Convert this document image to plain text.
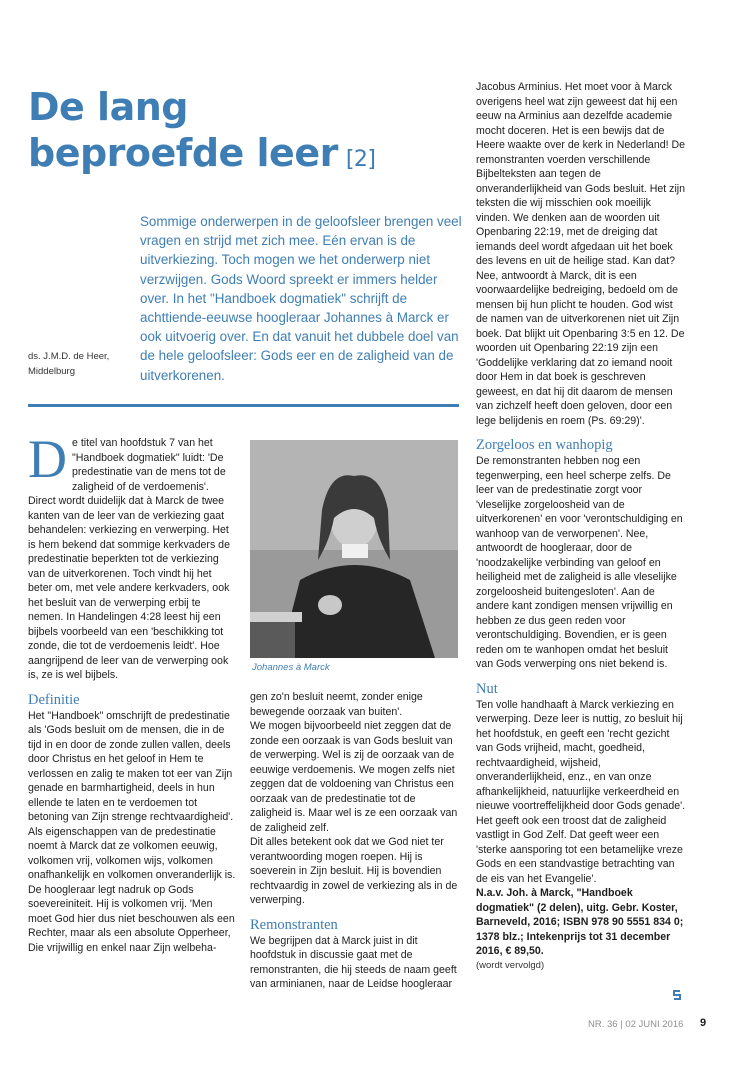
De lang
beproefde leer [2]
Sommige onderwerpen in de geloofsleer brengen veel vragen en strijd met zich mee. Eén ervan is de uitverkiezing. Toch mogen we het onderwerp niet verzwijgen. Gods Woord spreekt er immers helder over. In het "Handboek dogmatiek" schrijft de achttiende-eeuwse hoogleraar Johannes à Marck er ook uitvoerig over. En dat vanuit het dubbele doel van de hele geloofsleer: Gods eer en de zaligheid van de uitverkorenen.
ds. J.M.D. de Heer,
Middelburg
D e titel van hoofdstuk 7 van het "Handboek dogmatiek" luidt: 'De predestinatie van de mens tot de zaligheid of de verdoemenis'. Direct wordt duidelijk dat à Marck de twee kanten van de leer van de verkiezing gaat behandelen: verkiezing en verwerping. Het is hem bekend dat sommige kerkvaders de predestinatie beperkten tot de verkiezing van de uitverkorenen. Toch vindt hij het beter om, met vele andere kerkvaders, ook het besluit van de verwerping erbij te nemen. In Handelingen 4:28 leest hij een bijbels voorbeeld van een 'beschikking tot zonde, die tot de verdoemenis leidt'. Hoe aangrijpend de leer van de verwerping ook is, ze is wel bijbels.

Definitie

Het "Handboek" omschrijft de predestinatie als 'Gods besluit om de mensen, die in de tijd in en door de zonde zullen vallen, deels door Christus en het geloof in Hem te verlossen en zalig te maken tot eer van Zijn genade en barmhartigheid, deels in hun ellende te laten en te verdoemen tot betoning van Zijn strenge rechtvaardigheid'.

Als eigenschappen van de predestinatie noemt à Marck dat ze volkomen eeuwig, volkomen vrij, volkomen wijs, volkomen onafhankelijk en volkomen onveranderlijk is.

De hoogleraar legt nadruk op Gods soevereiniteit. Hij is volkomen vrij. 'Men moet God hier dus niet beschouwen als een Rechter, maar als een absolute Opperheer, Die vrijwillig en enkel naar Zijn welbeha-

Johannes à Marck

gen zo'n besluit neemt, zonder enige bewegende oorzaak van buiten'.

We mogen bijvoorbeeld niet zeggen dat de zonde een oorzaak is van Gods besluit van de verwerping. Wel is zij de oorzaak van de eeuwige verdoemenis. We mogen zelfs niet zeggen dat de voldoening van Christus een oorzaak van de predestinatie tot de zaligheid is. Maar wel is ze een oorzaak van de zaligheid zelf.

Dit alles betekent ook dat we God niet ter verantwoording mogen roepen. Hij is soeverein in Zijn besluit. Hij is bovendien rechtvaardig in zowel de verkiezing als in de verwerping.

Remonstranten

We begrijpen dat à Marck juist in dit hoofdstuk in discussie gaat met de remonstranten, die hij steeds de naam geeft van arminianen, naar de Leidse hoogleraar

Jacobus Arminius. Het moet voor à Marck overigens heel wat zijn geweest dat hij een eeuw na Arminius aan dezelfde academie mocht doceren. Het is een bewijs dat de Heere waakte over de kerk in Nederland! De remonstranten voerden verschillende Bijbelteksten aan tegen de onveranderlijkheid van Gods besluit. Het zijn teksten die wij misschien ook moeilijk vinden. We denken aan de woorden uit Openbaring 22:19, met de dreiging dat iemands deel wordt afgedaan uit het boek des levens en uit de heilige stad. Kan dat?

Nee, antwoordt à Marck, dit is een voorwaardelijke bedreiging, bedoeld om de mensen bij hun plicht te houden. God wist de namen van de uitverkorenen niet uit Zijn boek. Dat blijkt uit Openbaring 3:5 en 12. De woorden uit Openbaring 22:19 zijn een 'Goddelijke verklaring dat zo iemand nooit door Hem in dat boek is geschreven geweest, en dat hij dit daarom de mensen van zichzelf heeft doen geloven, door een lege belijdenis en roem (Ps. 69:29)'.

Zorgeloos en wanhopig

De remonstranten hebben nog een tegenwerping, een heel scherpe zelfs. De leer van de predestinatie zorgt voor 'vleselijke zorgeloosheid van de uitverkorenen' en voor 'verontschuldiging en wanhoop van de verworpenen'. Nee, antwoordt de hoogleraar, door de 'noodzakelijke verbinding van geloof en heiligheid met de zaligheid is alle vleselijke zorgeloosheid buitengesloten'. Aan de andere kant zondigen mensen vrijwillig en hebben ze dus geen reden voor verontschuldiging. Bovendien, er is geen reden om te wanhopen omdat het besluit van Gods verwerping ons niet bekend is.

Nut

Ten volle handhaaft à Marck verkiezing en verwerping. Deze leer is nuttig, zo besluit hij het hoofdstuk, en geeft een 'recht gezicht van Gods vrijheid, macht, goedheid, rechtvaardigheid, wijsheid, onveranderlijkheid, enz., en van onze afhankelijkheid, natuurlijke verkeerdheid en nieuwe voortreffelijkheid door Gods genade'. Het geeft ook een troost dat de zaligheid vastligt in God Zelf. Dat geeft weer een 'sterke aansporing tot een betamelijke vreze Gods en een standvastige betrachting van de eis van het Evangelie'.

N.a.v. Joh. à Marck, "Handboek dogmatiek" (2 delen), uitg. Gebr. Koster, Barneveld, 2016; ISBN 978 90 5551 834 0; 1378 blz.; Intekenprijs tot 31 december 2016, € 89,50.

(wordt vervolgd)

NR. 36 | 02 JUNI 2016 9
